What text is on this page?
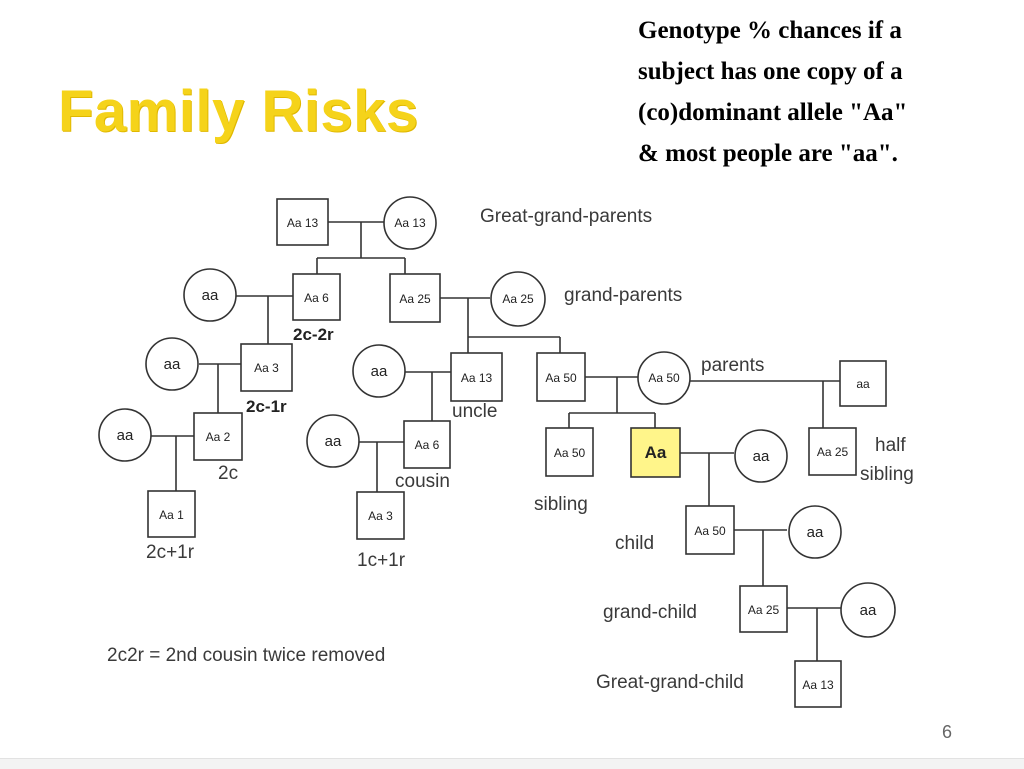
Family Risks
Genotype % chances if a
subject has one copy of a
(co)dominant allele "Aa"
& most people are "aa".
Aa 13	Aa 13
aa	Aa 6	Aa 25	Aa 25
aa	Aa 3	aa	Aa 13	Aa 50	Aa 50	aa
aa	Aa 2	aa	Aa 6
Aa 50	Aa	aa	Aa 25
Aa 1	Aa 3
Aa 50	aa
Aa 25	aa
Aa 13
Great-grand-parents
grand-parents
parents
2c-2r
2c-1r	uncle
2c	cousin
half
sibling
sibling
2c+1r	1c+1r
child
grand-child
Great-grand-child
2c2r = 2nd cousin twice removed
6
